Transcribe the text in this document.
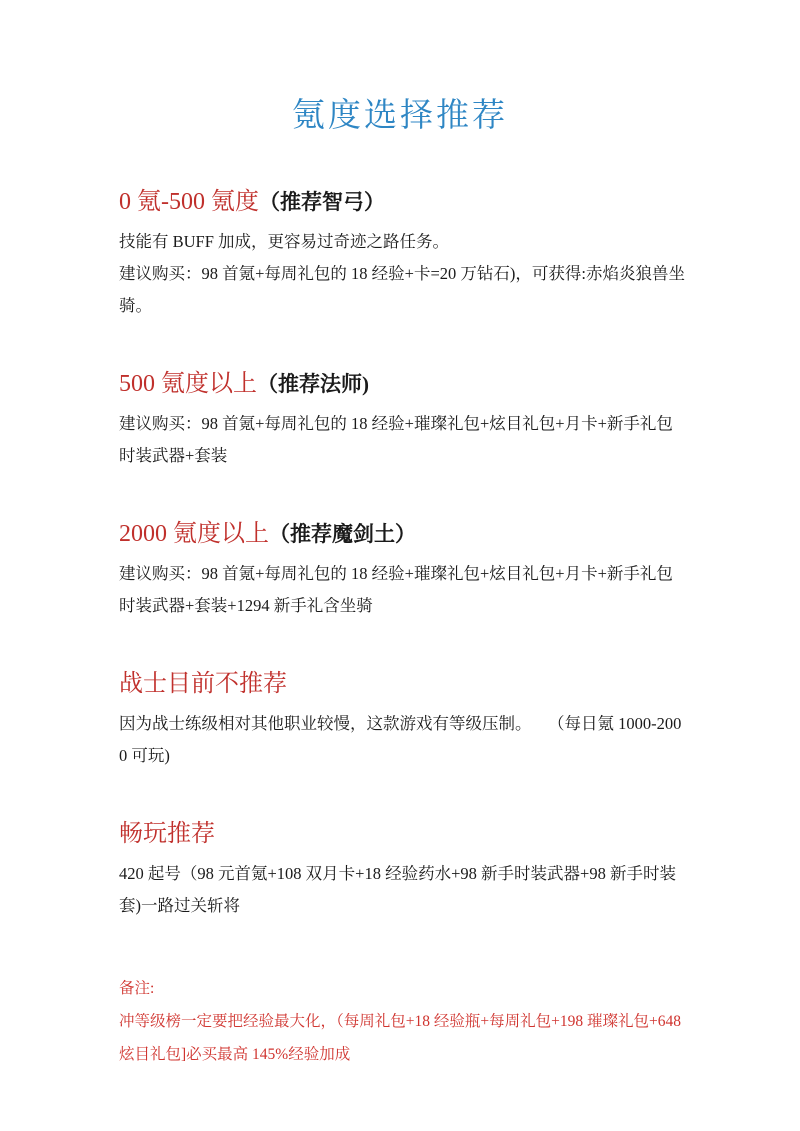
氪度选择推荐
0 氪-500 氪度（推荐智弓）

技能有 BUFF 加成，更容易过奇迹之路任务。

建议购买：98 首氪+每周礼包的 18 经验+卡=20 万钻石)，可获得:赤焰炎狼兽坐骑。

500 氪度以上（推荐法师)

建议购买：98 首氪+每周礼包的 18 经验+璀璨礼包+炫目礼包+月卡+新手礼包时装武器+套装

2000 氪度以上（推荐魔剑土）

建议购买：98 首氪+每周礼包的 18 经验+璀璨礼包+炫目礼包+月卡+新手礼包时装武器+套装+1294 新手礼含坐骑

战士目前不推荐

因为战士练级相对其他职业较慢，这款游戏有等级压制。　　（每日氪 1000-2000 可玩)

畅玩推荐

420 起号（98 元首氪+108 双月卡+18 经验药水+98 新手时装武器+98 新手时装套)一路过关斩将

备注:

冲等级榜一定要把经验最大化，（每周礼包+18 经验瓶+每周礼包+198 璀璨礼包+648 炫目礼包]必买最高 145%经验加成
